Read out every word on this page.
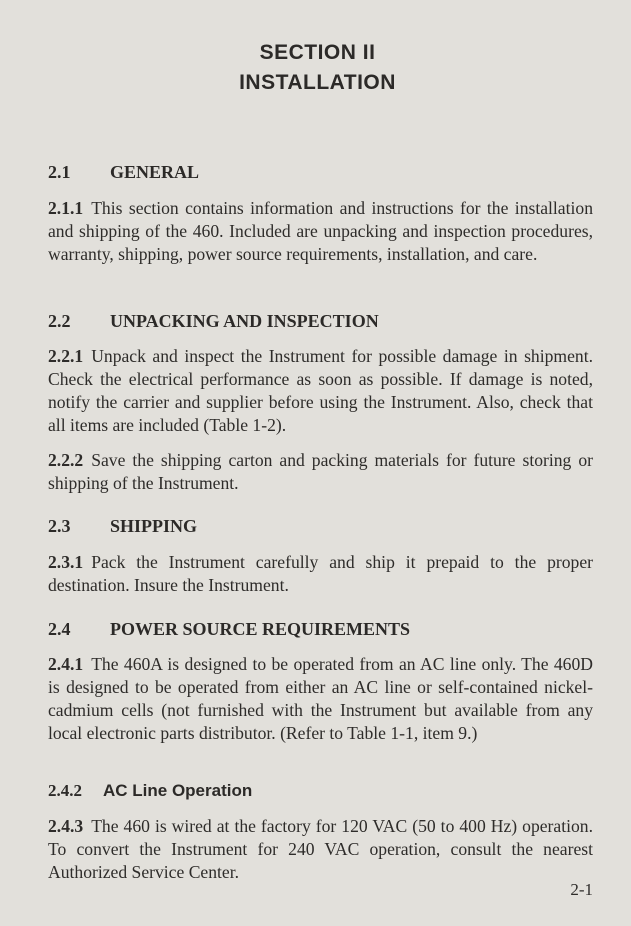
SECTION II
INSTALLATION
2.1 GENERAL
2.1.1 This section contains information and instructions for the installation and shipping of the 460. Included are unpacking and inspection procedures, warranty, shipping, power source requirements, installation, and care.
2.2 UNPACKING AND INSPECTION
2.2.1 Unpack and inspect the Instrument for possible damage in shipment. Check the electrical performance as soon as possible. If damage is noted, notify the carrier and supplier before using the Instrument. Also, check that all items are included (Table 1-2).
2.2.2 Save the shipping carton and packing materials for future storing or shipping of the Instrument.
2.3 SHIPPING
2.3.1 Pack the Instrument carefully and ship it prepaid to the proper destination. Insure the Instrument.
2.4 POWER SOURCE REQUIREMENTS
2.4.1 The 460A is designed to be operated from an AC line only. The 460D is designed to be operated from either an AC line or self-contained nickel-cadmium cells (not furnished with the Instrument but available from any local electronic parts distributor. (Refer to Table 1-1, item 9.)
2.4.2 AC Line Operation
2.4.3 The 460 is wired at the factory for 120 VAC (50 to 400 Hz) operation. To convert the Instrument for 240 VAC operation, consult the nearest Authorized Service Center.
2-1
